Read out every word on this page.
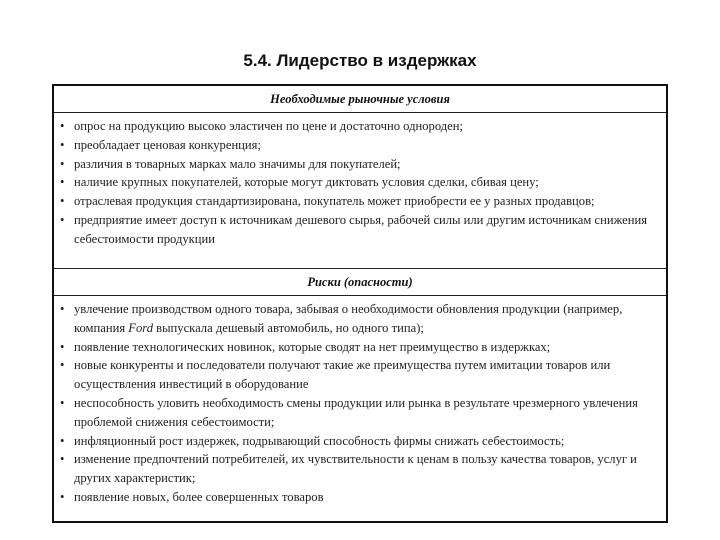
5.4. Лидерство в издержках
Необходимые рыночные условия
• опрос на продукцию высоко эластичен по цене и достаточно однороден;
• преобладает ценовая конкуренция;
• различия в товарных марках мало значимы для покупателей;
• наличие крупных покупателей, которые могут диктовать условия сделки, сбивая цену;
• отраслевая продукция стандартизирована, покупатель может приобрести ее у разных продавцов;
• предприятие имеет доступ к источникам дешевого сырья, рабочей силы или другим источникам снижения себестоимости продукции
Риски (опасности)
• увлечение производством одного товара, забывая о необходимости обновления продукции (например, компания Ford выпускала дешевый автомобиль, но одного типа);
• появление технологических новинок, которые сводят на нет преимущество в издержках;
• новые конкуренты и последователи получают такие же преимущества путем имитации товаров или осуществления инвестиций в оборудование
• неспособность уловить необходимость смены продукции или рынка в результате чрезмерного увлечения проблемой снижения себестоимости;
• инфляционный рост издержек, подрывающий способность фирмы снижать себестоимость;
• изменение предпочтений потребителей, их чувствительности к ценам в пользу качества товаров, услуг и других характеристик;
• появление новых, более совершенных товаров
